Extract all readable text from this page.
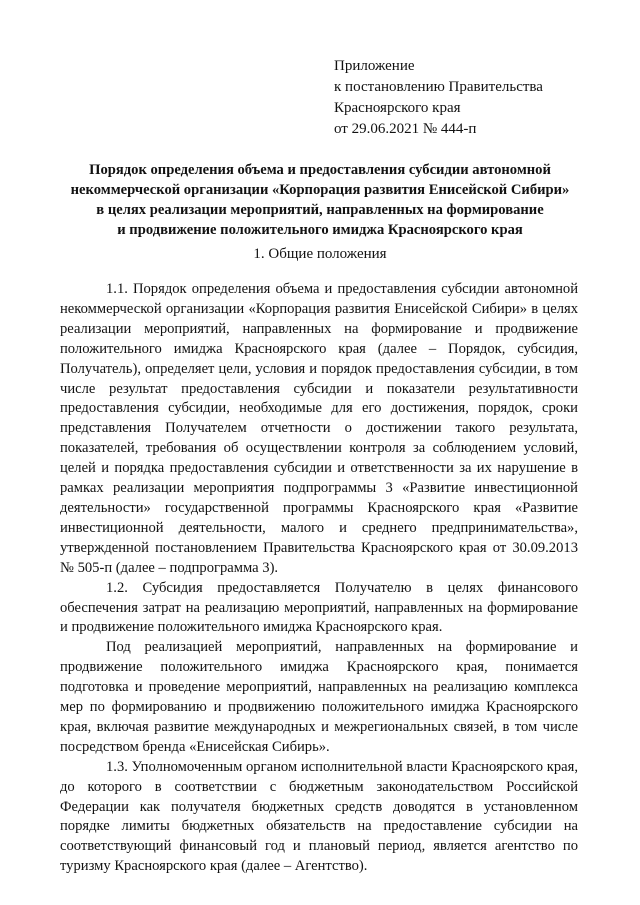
Приложение
к постановлению Правительства
Красноярского края
от 29.06.2021 № 444-п
Порядок определения объема и предоставления субсидии автономной
некоммерческой организации «Корпорация развития Енисейской Сибири»
в целях реализации мероприятий, направленных на формирование
и продвижение положительного имиджа Красноярского края
1. Общие положения

1.1. Порядок определения объема и предоставления субсидии автономной некоммерческой организации «Корпорация развития Енисейской Сибири» в целях реализации мероприятий, направленных на формирование и продвижение положительного имиджа Красноярского края (далее – Порядок, субсидия, Получатель), определяет цели, условия и порядок предоставления субсидии, в том числе результат предоставления субсидии и показатели результативности предоставления субсидии, необходимые для его достижения, порядок, сроки представления Получателем отчетности о достижении такого результата, показателей, требования об осуществлении контроля за соблюдением условий, целей и порядка предоставления субсидии и ответственности за их нарушение в рамках реализации мероприятия подпрограммы 3 «Развитие инвестиционной деятельности» государственной программы Красноярского края «Развитие инвестиционной деятельности, малого и среднего предпринимательства», утвержденной постановлением Правительства Красноярского края от 30.09.2013 № 505-п (далее – подпрограмма 3).

1.2. Субсидия предоставляется Получателю в целях финансового обеспечения затрат на реализацию мероприятий, направленных на формирование и продвижение положительного имиджа Красноярского края.

Под реализацией мероприятий, направленных на формирование и продвижение положительного имиджа Красноярского края, понимается подготовка и проведение мероприятий, направленных на реализацию комплекса мер по формированию и продвижению положительного имиджа Красноярского края, включая развитие международных и межрегиональных связей, в том числе посредством бренда «Енисейская Сибирь».

1.3. Уполномоченным органом исполнительной власти Красноярского края, до которого в соответствии с бюджетным законодательством Российской Федерации как получателя бюджетных средств доводятся в установленном порядке лимиты бюджетных обязательств на предоставление субсидии на соответствующий финансовый год и плановый период, является агентство по туризму Красноярского края (далее – Агентство).
